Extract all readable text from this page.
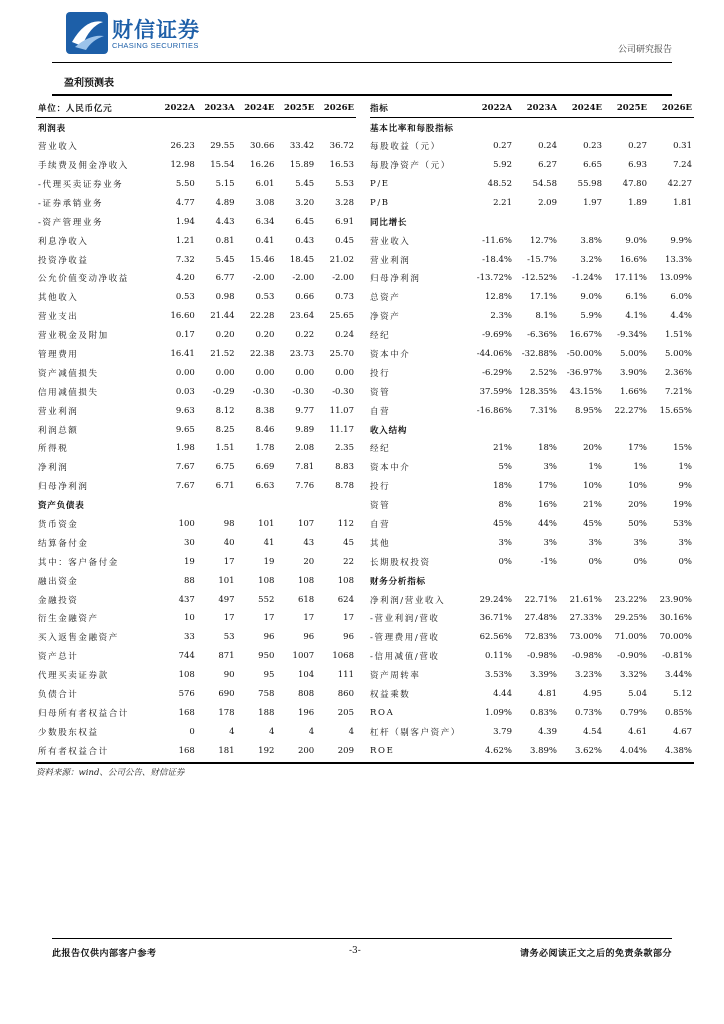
财信证券
CHASING SECURITIES	公司研究报告
盈利预测表
单位：人民币亿元	2022A	2023A	2024E	2025E	2026E
利润表					
营业收入	26.23	29.55	30.66	33.42	36.72
手续费及佣金净收入	12.98	15.54	16.26	15.89	16.53
-代理买卖证券业务	5.50	5.15	6.01	5.45	5.53
-证券承销业务	4.77	4.89	3.08	3.20	3.28
-资产管理业务	1.94	4.43	6.34	6.45	6.91
利息净收入	1.21	0.81	0.41	0.43	0.45
投资净收益	7.32	5.45	15.46	18.45	21.02
公允价值变动净收益	4.20	6.77	-2.00	-2.00	-2.00
其他收入	0.53	0.98	0.53	0.66	0.73
营业支出	16.60	21.44	22.28	23.64	25.65
营业税金及附加	0.17	0.20	0.20	0.22	0.24
管理费用	16.41	21.52	22.38	23.73	25.70
资产减值损失	0.00	0.00	0.00	0.00	0.00
信用减值损失	0.03	-0.29	-0.30	-0.30	-0.30
营业利润	9.63	8.12	8.38	9.77	11.07
利润总额	9.65	8.25	8.46	9.89	11.17
所得税	1.98	1.51	1.78	2.08	2.35
净利润	7.67	6.75	6.69	7.81	8.83
归母净利润	7.67	6.71	6.63	7.76	8.78
资产负债表					
货币资金	100	98	101	107	112
结算备付金	30	40	41	43	45
其中：客户备付金	19	17	19	20	22
融出资金	88	101	108	108	108
金融投资	437	497	552	618	624
衍生金融资产	10	17	17	17	17
买入返售金融资产	33	53	96	96	96
资产总计	744	871	950	1007	1068
代理买卖证券款	108	90	95	104	111
负债合计	576	690	758	808	860
归母所有者权益合计	168	178	188	196	205
少数股东权益	0	4	4	4	4
所有者权益合计	168	181	192	200	209
指标	2022A	2023A	2024E	2025E	2026E
基本比率和每股指标					
每股收益（元）	0.27	0.24	0.23	0.27	0.31
每股净资产（元）	5.92	6.27	6.65	6.93	7.24
P/E	48.52	54.58	55.98	47.80	42.27
P/B	2.21	2.09	1.97	1.89	1.81
同比增长					
营业收入	-11.6%	12.7%	3.8%	9.0%	9.9%
营业利润	-18.4%	-15.7%	3.2%	16.6%	13.3%
归母净利润	-13.72%	-12.52%	-1.24%	17.11%	13.09%
总资产	12.8%	17.1%	9.0%	6.1%	6.0%
净资产	2.3%	8.1%	5.9%	4.1%	4.4%
经纪	-9.69%	-6.36%	16.67%	-9.34%	1.51%
资本中介	-44.06%	-32.88%	-50.00%	5.00%	5.00%
投行	-6.29%	2.52%	-36.97%	3.90%	2.36%
资管	37.59%	128.35%	43.15%	1.66%	7.21%
自营	-16.86%	7.31%	8.95%	22.27%	15.65%
收入结构					
经纪	21%	18%	20%	17%	15%
资本中介	5%	3%	1%	1%	1%
投行	18%	17%	10%	10%	9%
资管	8%	16%	21%	20%	19%
自营	45%	44%	45%	50%	53%
其他	3%	3%	3%	3%	3%
长期股权投资	0%	-1%	0%	0%	0%
财务分析指标					
净利润/营业收入	29.24%	22.71%	21.61%	23.22%	23.90%
-营业利润/营收	36.71%	27.48%	27.33%	29.25%	30.16%
-管理费用/营收	62.56%	72.83%	73.00%	71.00%	70.00%
-信用减值/营收	0.11%	-0.98%	-0.98%	-0.90%	-0.81%
资产周转率	3.53%	3.39%	3.23%	3.32%	3.44%
权益乘数	4.44	4.81	4.95	5.04	5.12
ROA	1.09%	0.83%	0.73%	0.79%	0.85%
杠杆（剔客户资产）	3.79	4.39	4.54	4.61	4.67
ROE	4.62%	3.89%	3.62%	4.04%	4.38%
资料来源：wind、公司公告、财信证券
此报告仅供内部客户参考	-3-	请务必阅读正文之后的免责条款部分
